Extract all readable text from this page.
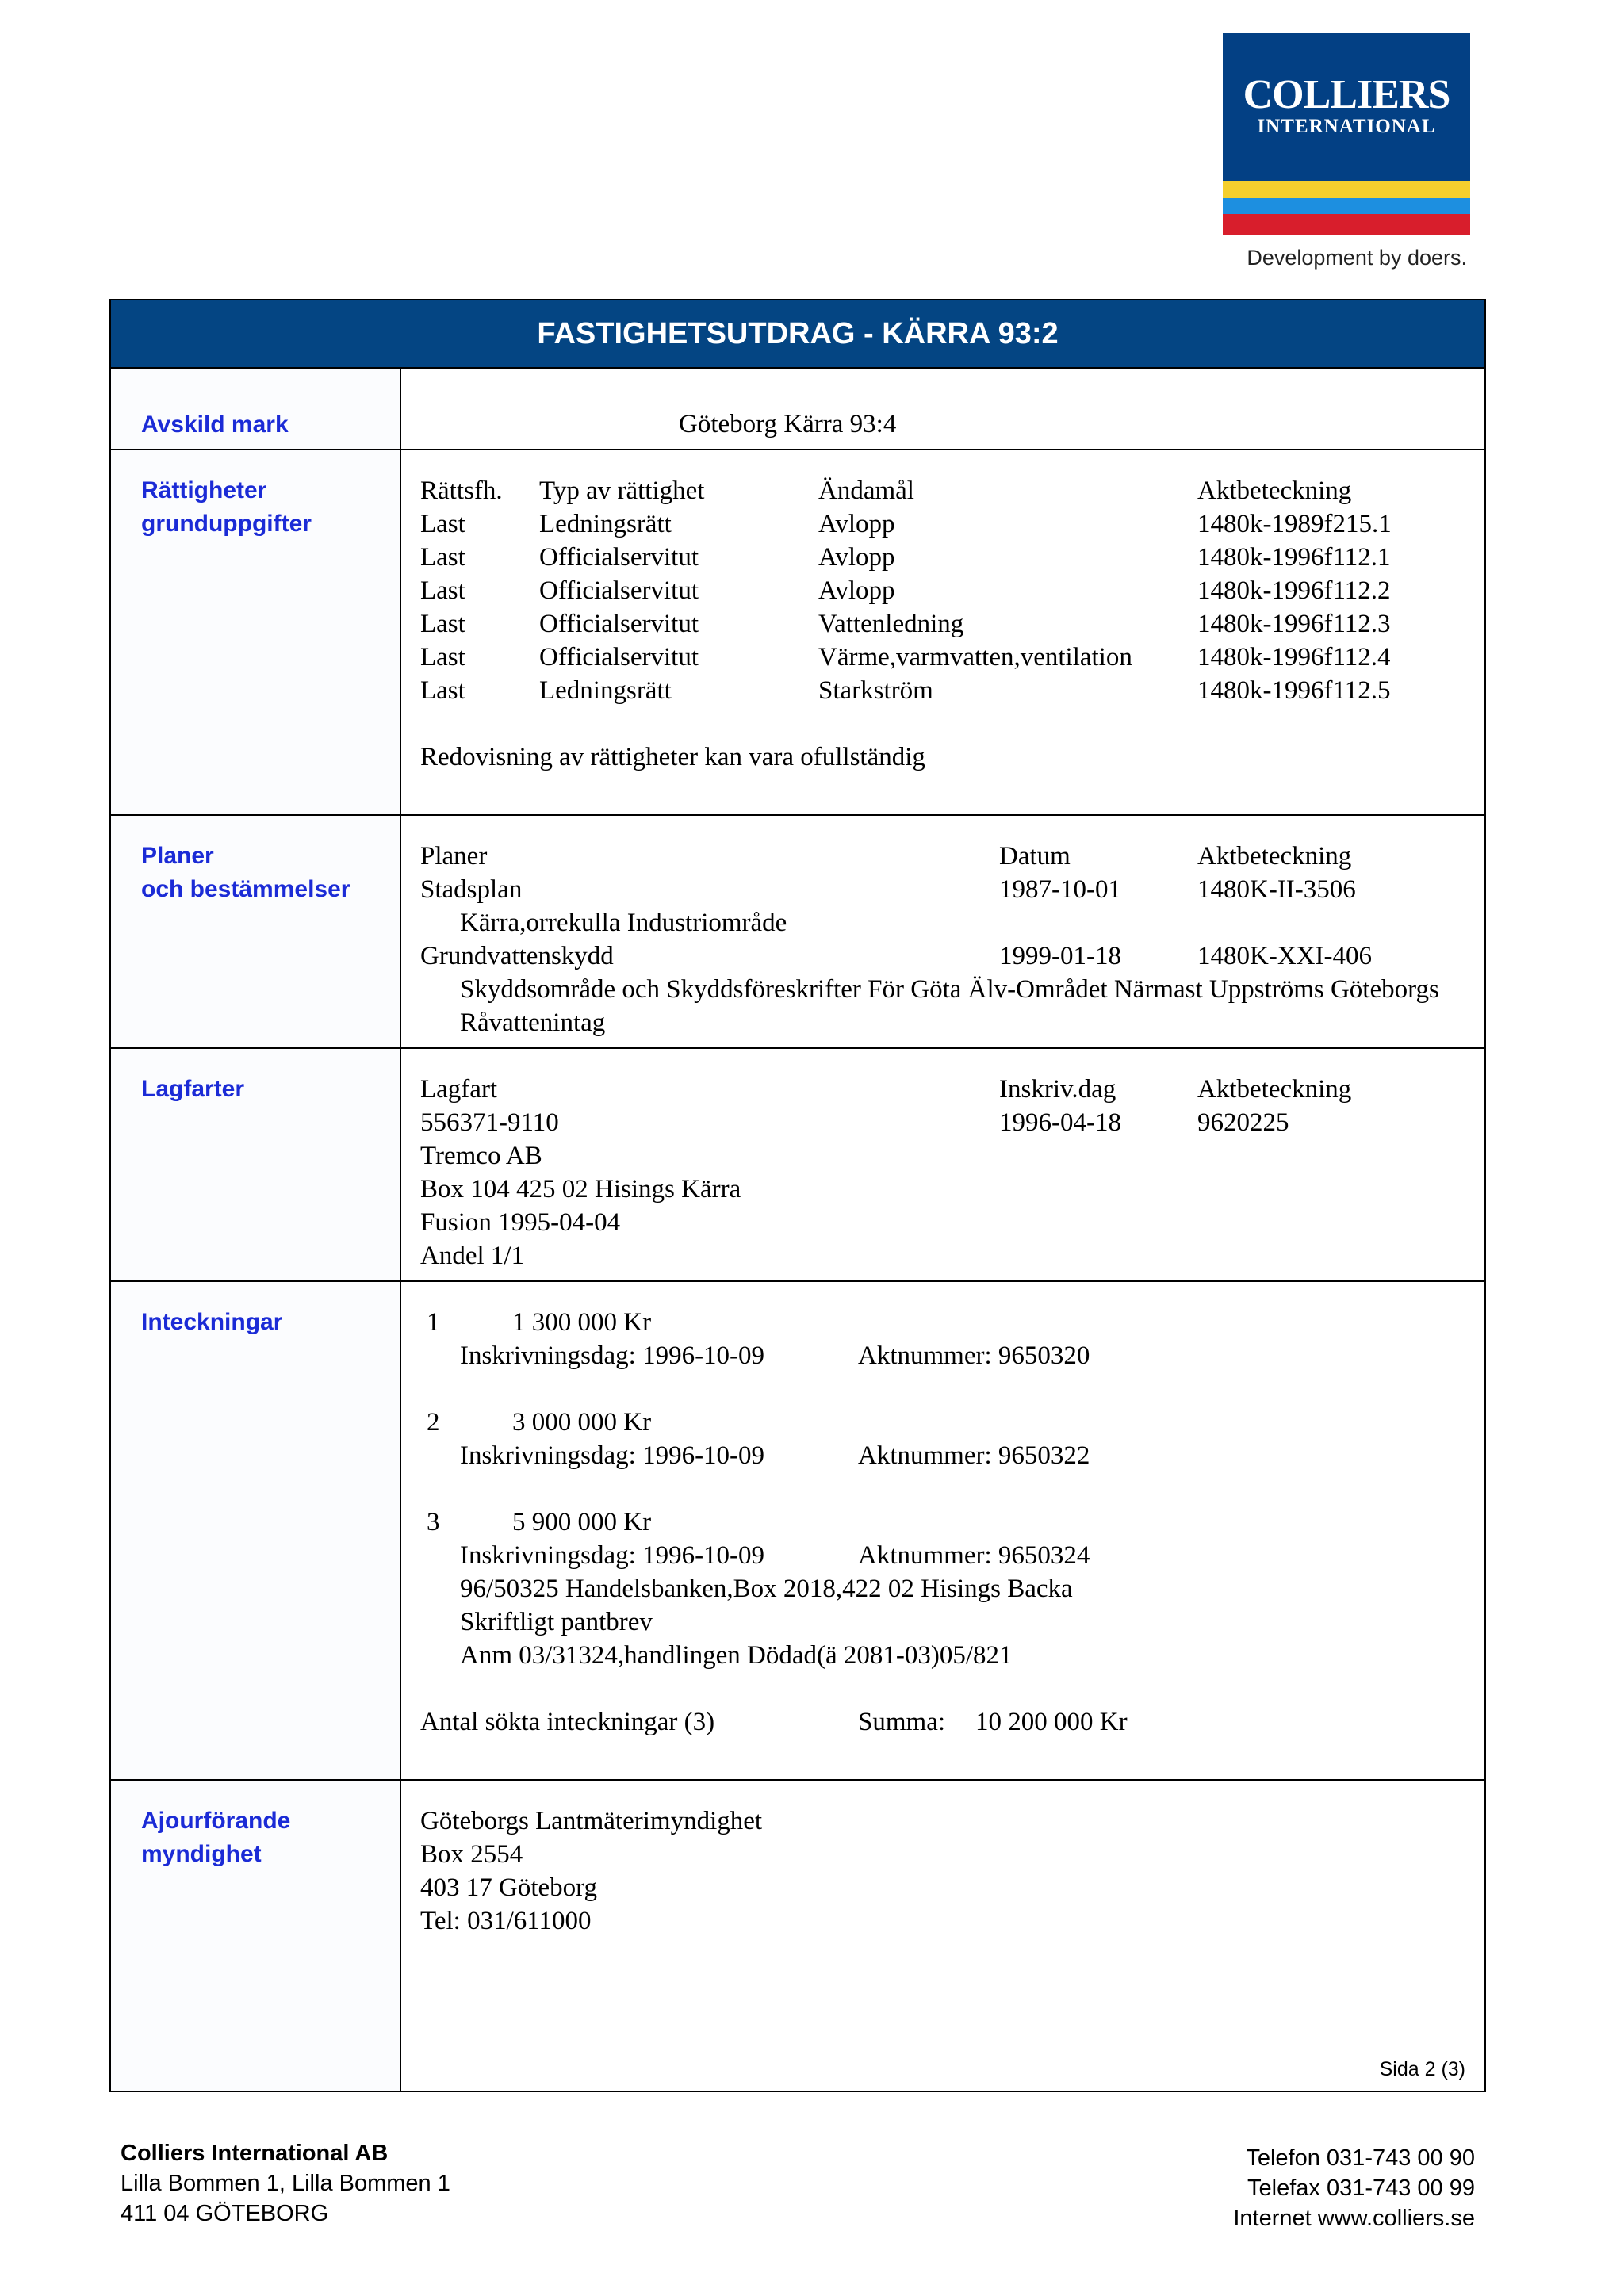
COLLIERS
INTERNATIONAL
Development by doers.
FASTIGHETSUTDRAG - KÄRRA 93:2
Avskild mark	Göteborg Kärra 93:4
Rättigheter
grunduppgifter
Rättsfh. Typ av rättighet	Ändamål	Aktbeteckning
Last	Ledningsrätt	Avlopp	1480k-1989f215.1
Last	Officialservitut	Avlopp	1480k-1996f112.1
Last	Officialservitut	Avlopp	1480k-1996f112.2
Last	Officialservitut	Vattenledning	1480k-1996f112.3
Last	Officialservitut	Värme,varmvatten,ventilation 1480k-1996f112.4
Last	Ledningsrätt	Starkström	1480k-1996f112.5
Redovisning av rättigheter kan vara ofullständig
Planer
och bestämmelser
Planer	Datum	Aktbeteckning
Stadsplan	1987-10-01	1480K-II-3506
Kärra,orrekulla Industriområde
Grundvattenskydd	1999-01-18	1480K-XXI-406
Skyddsområde och Skyddsföreskrifter För Göta Älv-Området Närmast Uppströms Göteborgs
Råvattenintag
Lagfarter	Lagfart	Inskriv.dag	Aktbeteckning
556371-9110	1996-04-18	9620225
Tremco AB
Box 104 425 02 Hisings Kärra
Fusion 1995-04-04
Andel 1/1
Inteckningar	1	1 300 000 Kr
Inskrivningsdag: 1996-10-09	Aktnummer: 9650320
2	3 000 000 Kr
Inskrivningsdag: 1996-10-09	Aktnummer: 9650322
3	5 900 000 Kr
Inskrivningsdag: 1996-10-09	Aktnummer: 9650324
96/50325 Handelsbanken,Box 2018,422 02 Hisings Backa
Skriftligt pantbrev
Anm 03/31324,handlingen Dödad(ä 2081-03)05/821
Antal sökta inteckningar (3)	Summa: 10 200 000 Kr
Ajourförande
myndighet
Göteborgs Lantmäterimyndighet
Box 2554
403 17 Göteborg
Tel: 031/611000
Sida 2 (3)
Colliers International AB
Lilla Bommen 1, Lilla Bommen 1
411 04 GÖTEBORG
Telefon 031-743 00 90
Telefax 031-743 00 99
Internet www.colliers.se
